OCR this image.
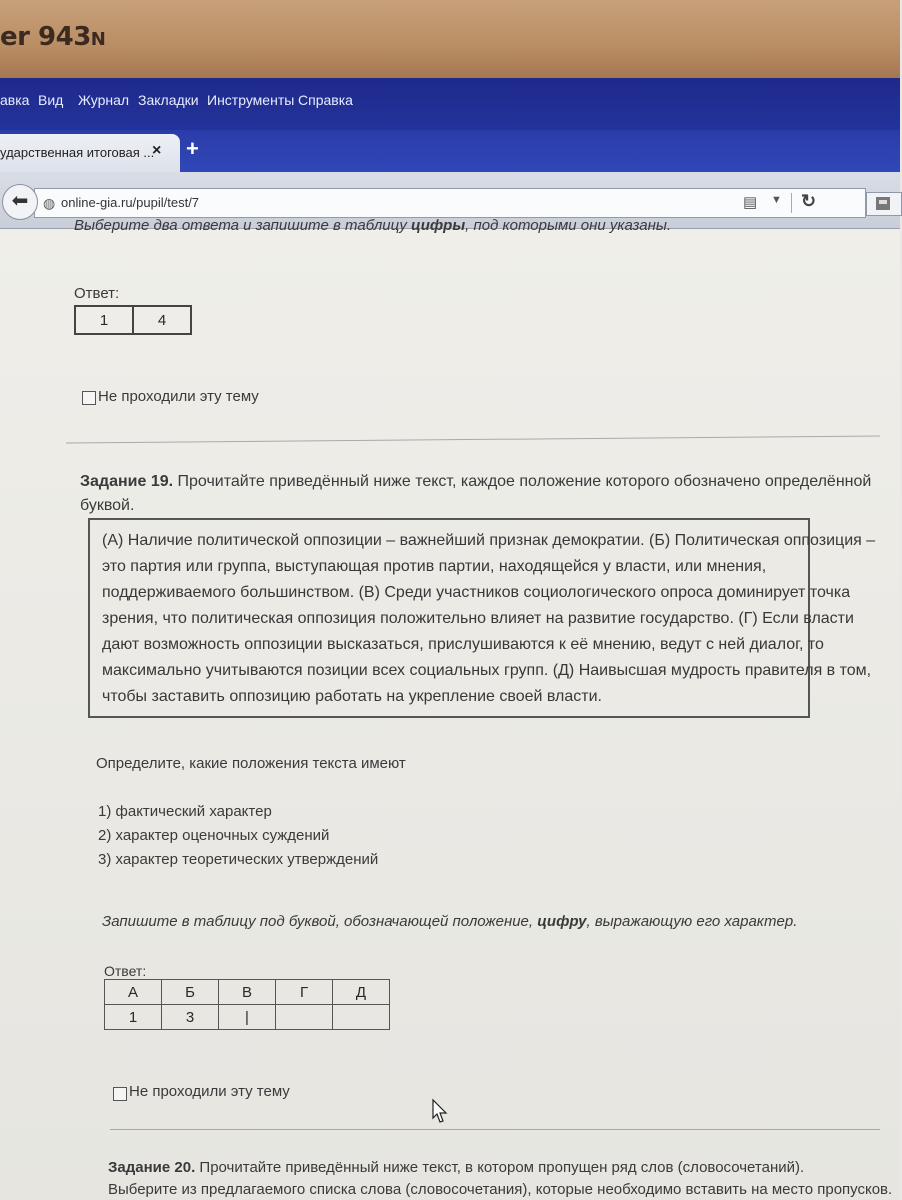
er 943N
авка Вид Журнал Закладки Инструменты Справка
ударственная итоговая ...
× +
◍ online-gia.ru/pupil/test/7	▤ ▼ ↻
⬅
Выберите два ответа и запишите в таблицу цифры, под которыми они указаны.
Ответ:
1	4
Не проходили эту тему
Задание 19. Прочитайте приведённый ниже текст, каждое положение которого обозначено определённой
буквой.
(А) Наличие политической оппозиции – важнейший признак демократии. (Б) Политическая оппозиция –
это партия или группа, выступающая против партии, находящейся у власти, или мнения,
поддерживаемого большинством. (В) Среди участников социологического опроса доминирует точка
зрения, что политическая оппозиция положительно влияет на развитие государство. (Г) Если власти
дают возможность оппозиции высказаться, прислушиваются к её мнению, ведут с ней диалог, то
максимально учитываются позиции всех социальных групп. (Д) Наивысшая мудрость правителя в том,
чтобы заставить оппозицию работать на укрепление своей власти.
Определите, какие положения текста имеют
1) фактический характер
2) характер оценочных суждений
3) характер теоретических утверждений
Запишите в таблицу под буквой, обозначающей положение, цифру, выражающую его характер.
Ответ:
А	Б	В	Г	Д
1	3	|		
Не проходили эту тему
Задание 20. Прочитайте приведённый ниже текст, в котором пропущен ряд слов (словосочетаний).
Выберите из предлагаемого списка слова (словосочетания), которые необходимо вставить на место пропусков.
